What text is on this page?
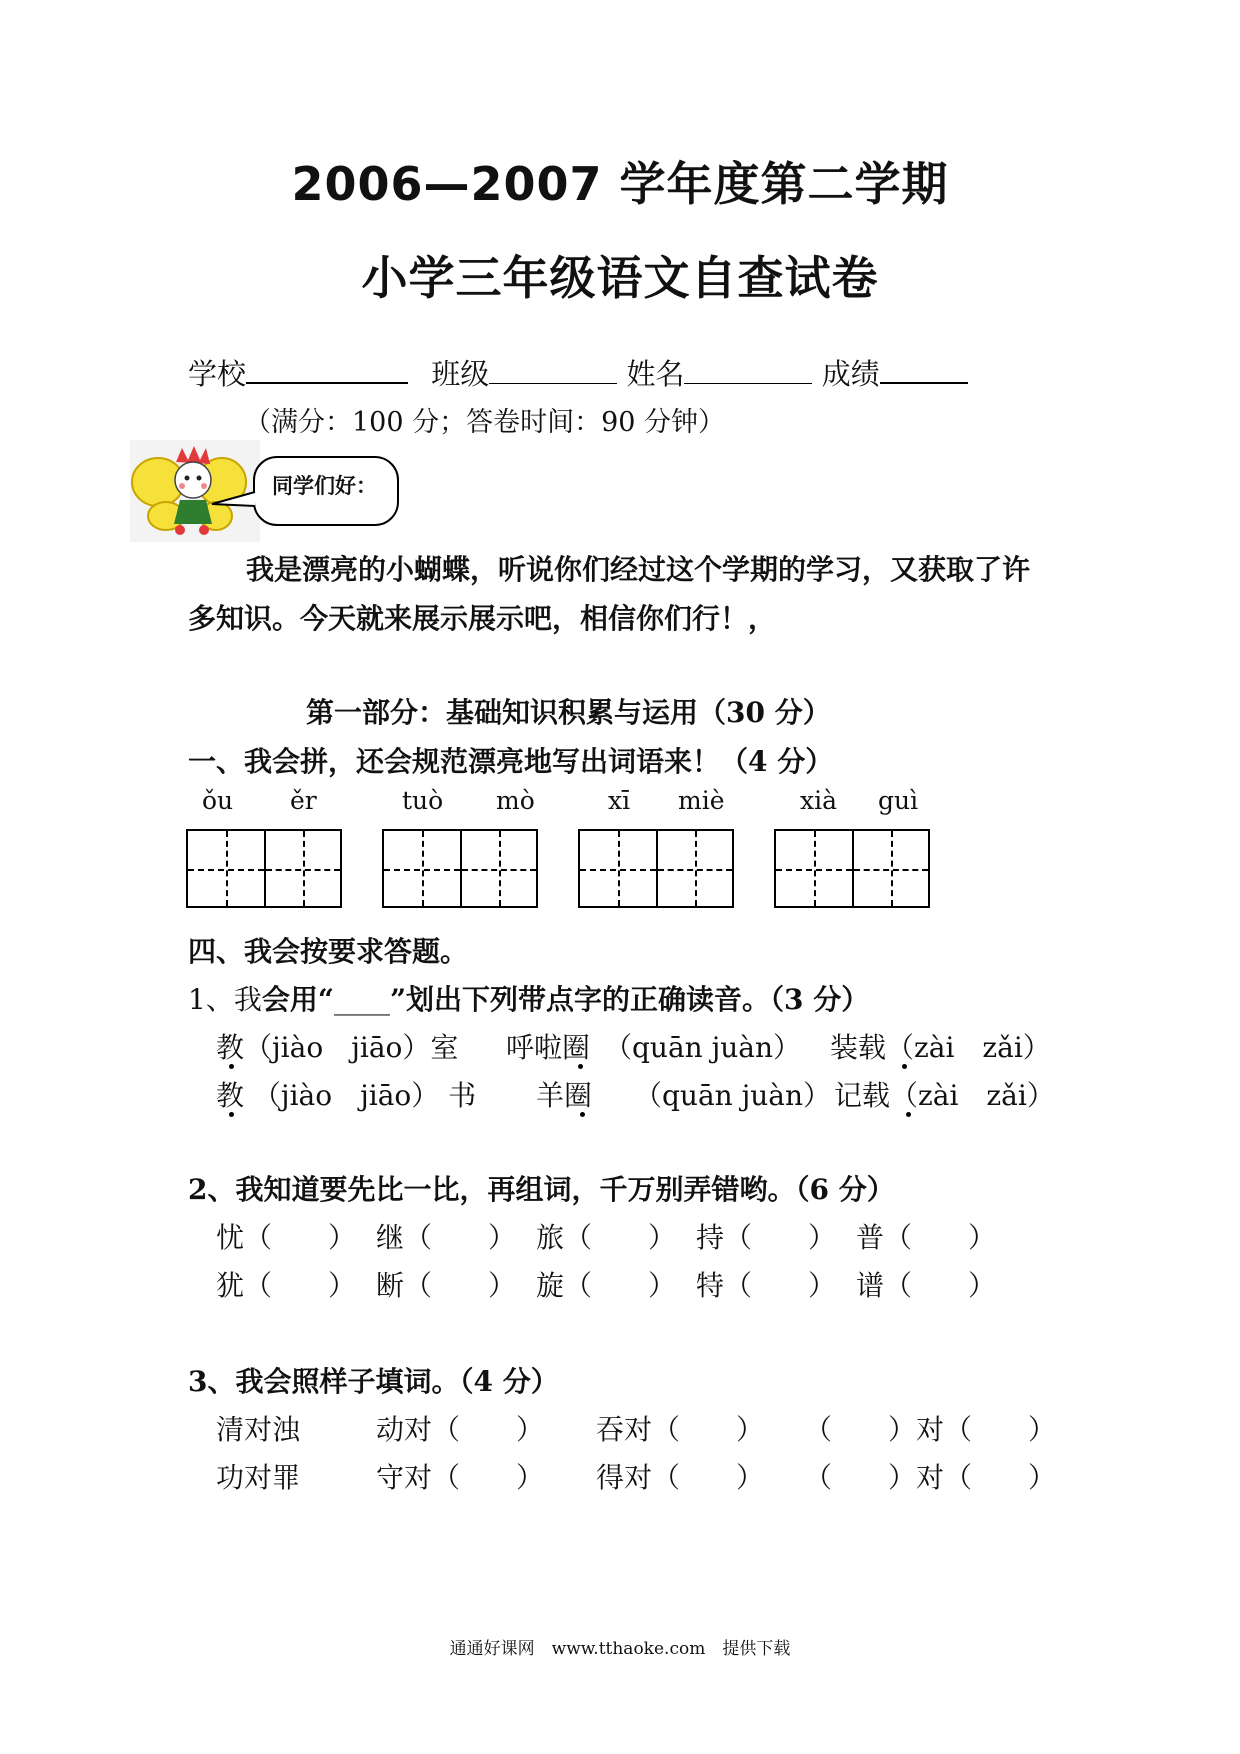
2006—2007 学年度第二学期
小学三年级语文自查试卷
学校	班级	姓名	成绩
（满分：100 分；答卷时间：90 分钟）
同学们好：
我是漂亮的小蝴蝶，听说你们经过这个学期的学习，又获取了许
多知识。今天就来展示展示吧，相信你们行！，
第一部分：基础知识积累与运用（30 分）
一、我会拼，还会规范漂亮地写出词语来！（4 分）
ǒu ěr	tuò mò	xī miè	xià guì
四、我会按要求答题。
1、我会用“____”划出下列带点字的正确读音。（3 分）
教（jiào　jiāo）室 呼啦圈　（quān juàn） 装载（zài　zǎi）
教 （jiào　jiāo） 书 羊圈　　（quān juàn） 记载（zài　zǎi）
2、我知道要先比一比，再组词，千万别弄错哟。（6 分）
忧（　　） 继（　　） 旅（　　） 持（　　） 普（　　）
犹（　　） 断（　　） 旋（　　） 特（　　） 谱（　　）
3、我会照样子填词。（4 分）
清对浊	动对（　　） 吞对（　　） （　　）对（　　）
功对罪	守对（　　） 得对（　　） （　　）对（　　）
通通好课网　www.tthaoke.com　提供下载
